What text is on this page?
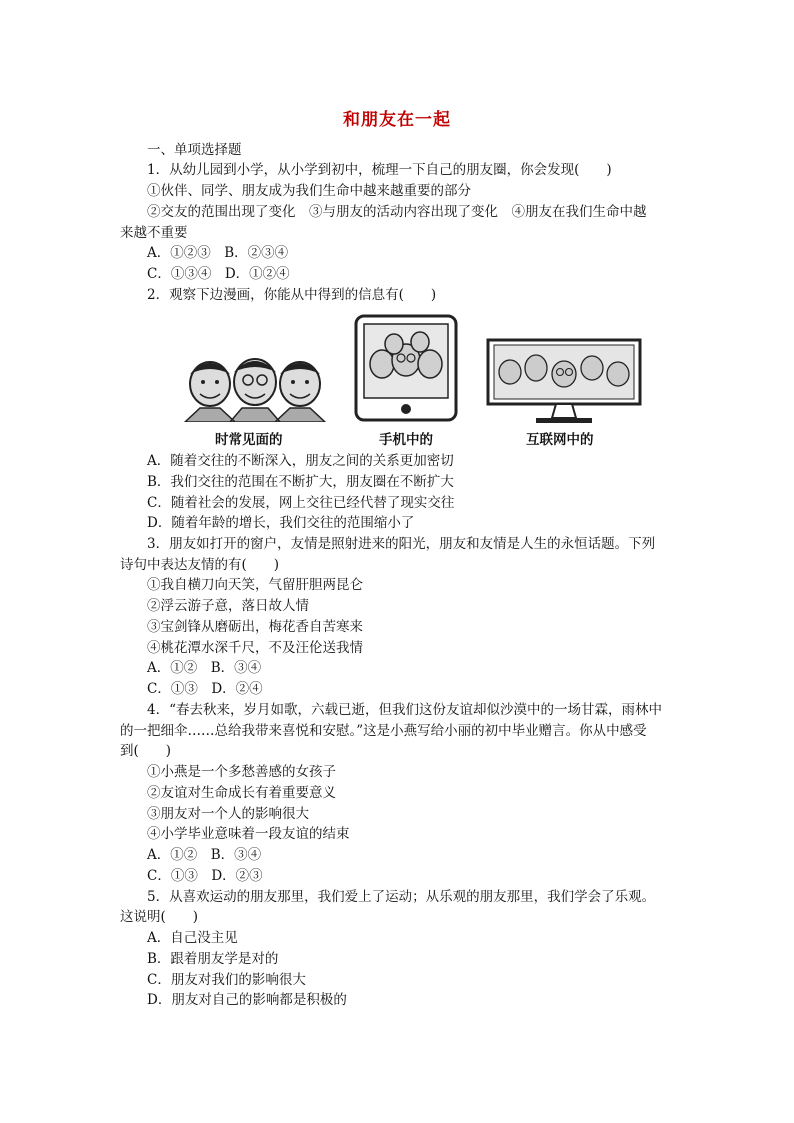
和朋友在一起
一、单项选择题
1．从幼儿园到小学，从小学到初中，梳理一下自己的朋友圈，你会发现(　　)
①伙伴、同学、朋友成为我们生命中越来越重要的部分
②交友的范围出现了变化　③与朋友的活动内容出现了变化　④朋友在我们生命中越
来越不重要
A．①②③　B．②③④
C．①③④　D．①②④
2．观察下边漫画，你能从中得到的信息有(　　)
时常见面的	手机中的	互联网中的
A．随着交往的不断深入，朋友之间的关系更加密切
B．我们交往的范围在不断扩大，朋友圈在不断扩大
C．随着社会的发展，网上交往已经代替了现实交往
D．随着年龄的增长，我们交往的范围缩小了
3．朋友如打开的窗户，友情是照射进来的阳光，朋友和友情是人生的永恒话题。下列
诗句中表达友情的有(　　)
①我自横刀向天笑，气留肝胆两昆仑
②浮云游子意，落日故人情
③宝剑锋从磨砺出，梅花香自苦寒来
④桃花潭水深千尺，不及汪伦送我情
A．①②　B．③④
C．①③　D．②④
4．“春去秋来，岁月如歌，六载已逝，但我们这份友谊却似沙漠中的一场甘霖，雨林中
的一把细伞……总给我带来喜悦和安慰。”这是小燕写给小丽的初中毕业赠言。你从中感受
到(　　)
①小燕是一个多愁善感的女孩子
②友谊对生命成长有着重要意义
③朋友对一个人的影响很大
④小学毕业意味着一段友谊的结束
A．①②　B．③④
C．①③　D．②③
5．从喜欢运动的朋友那里，我们爱上了运动；从乐观的朋友那里，我们学会了乐观。
这说明(　　)
A．自己没主见
B．跟着朋友学是对的
C．朋友对我们的影响很大
D．朋友对自己的影响都是积极的
